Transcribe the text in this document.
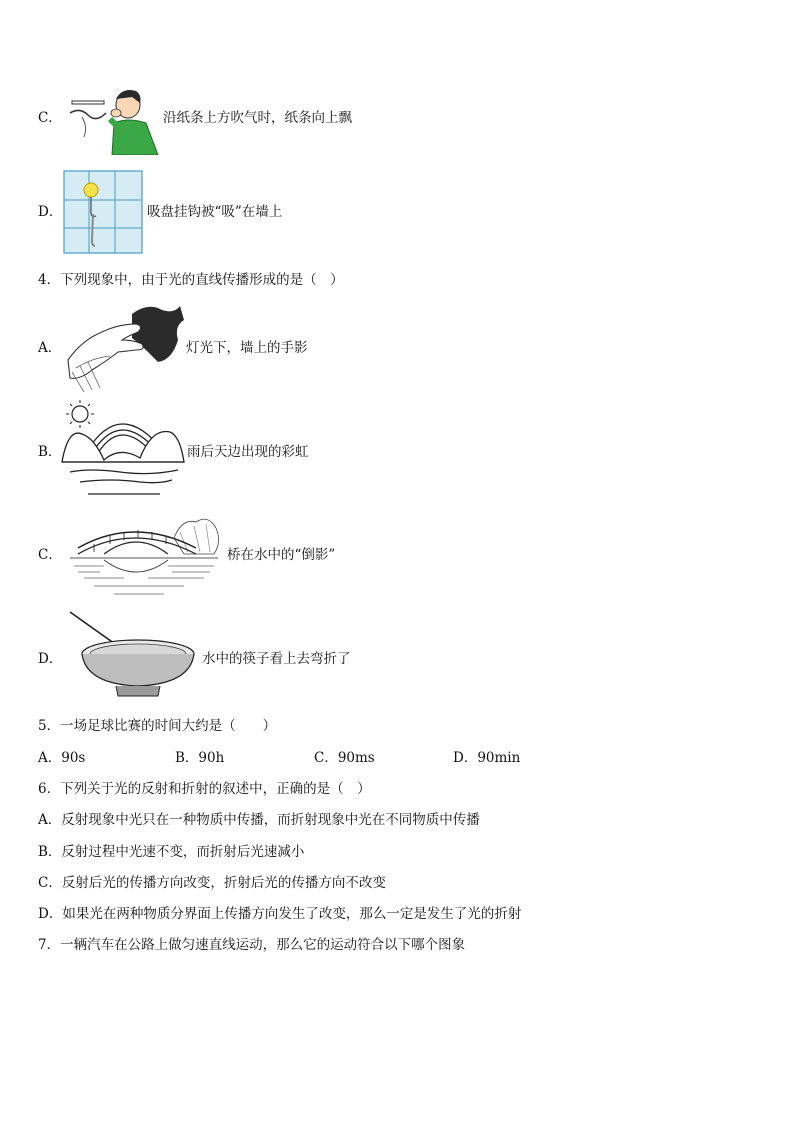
C．	沿纸条上方吹气时，纸条向上飘
D．	吸盘挂钩被“吸”在墙上
4．下列现象中，由于光的直线传播形成的是（　）
A．	灯光下，墙上的手影
B．	雨后天边出现的彩虹
C．	桥在水中的“倒影”
D．	水中的筷子看上去弯折了
5．一场足球比赛的时间大约是（　　）
A．90s	B．90h	C．90ms	D．90min
6．下列关于光的反射和折射的叙述中，正确的是（　）
A．反射现象中光只在一种物质中传播，而折射现象中光在不同物质中传播
B．反射过程中光速不变，而折射后光速减小
C．反射后光的传播方向改变，折射后光的传播方向不改变
D．如果光在两种物质分界面上传播方向发生了改变，那么一定是发生了光的折射
7．一辆汽车在公路上做匀速直线运动，那么它的运动符合以下哪个图象
